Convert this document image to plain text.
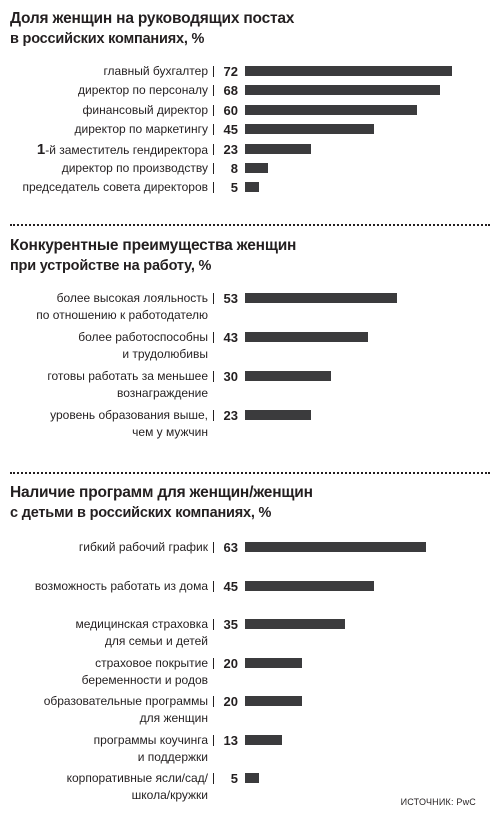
Доля женщин на руководящих постах
в российских компаниях, %
главный бухгалтер	72
директор по персоналу	68
финансовый директор	60
директор по маркетингу	45
1-й заместитель гендиректора	23
директор по производству	8
председатель совета директоров	5
Конкурентные преимущества женщин
при устройстве на работу, %
более высокая лояльность
по отношению к работодателю
53
более работоспособны
и трудолюбивы
43
готовы работать за меньшее
вознаграждение
30
уровень образования выше,
чем у мужчин
23
Наличие программ для женщин/женщин
с детьми в российских компаниях, %
гибкий рабочий график	63
возможность работать из дома	45
медицинская страховка
для семьи и детей
35
страховое покрытие
беременности и родов
20
образовательные программы
для женщин
20
программы коучинга
и поддержки
13
корпоративные ясли/сад/
школа/кружки
5
ИСТОЧНИК: PwC
